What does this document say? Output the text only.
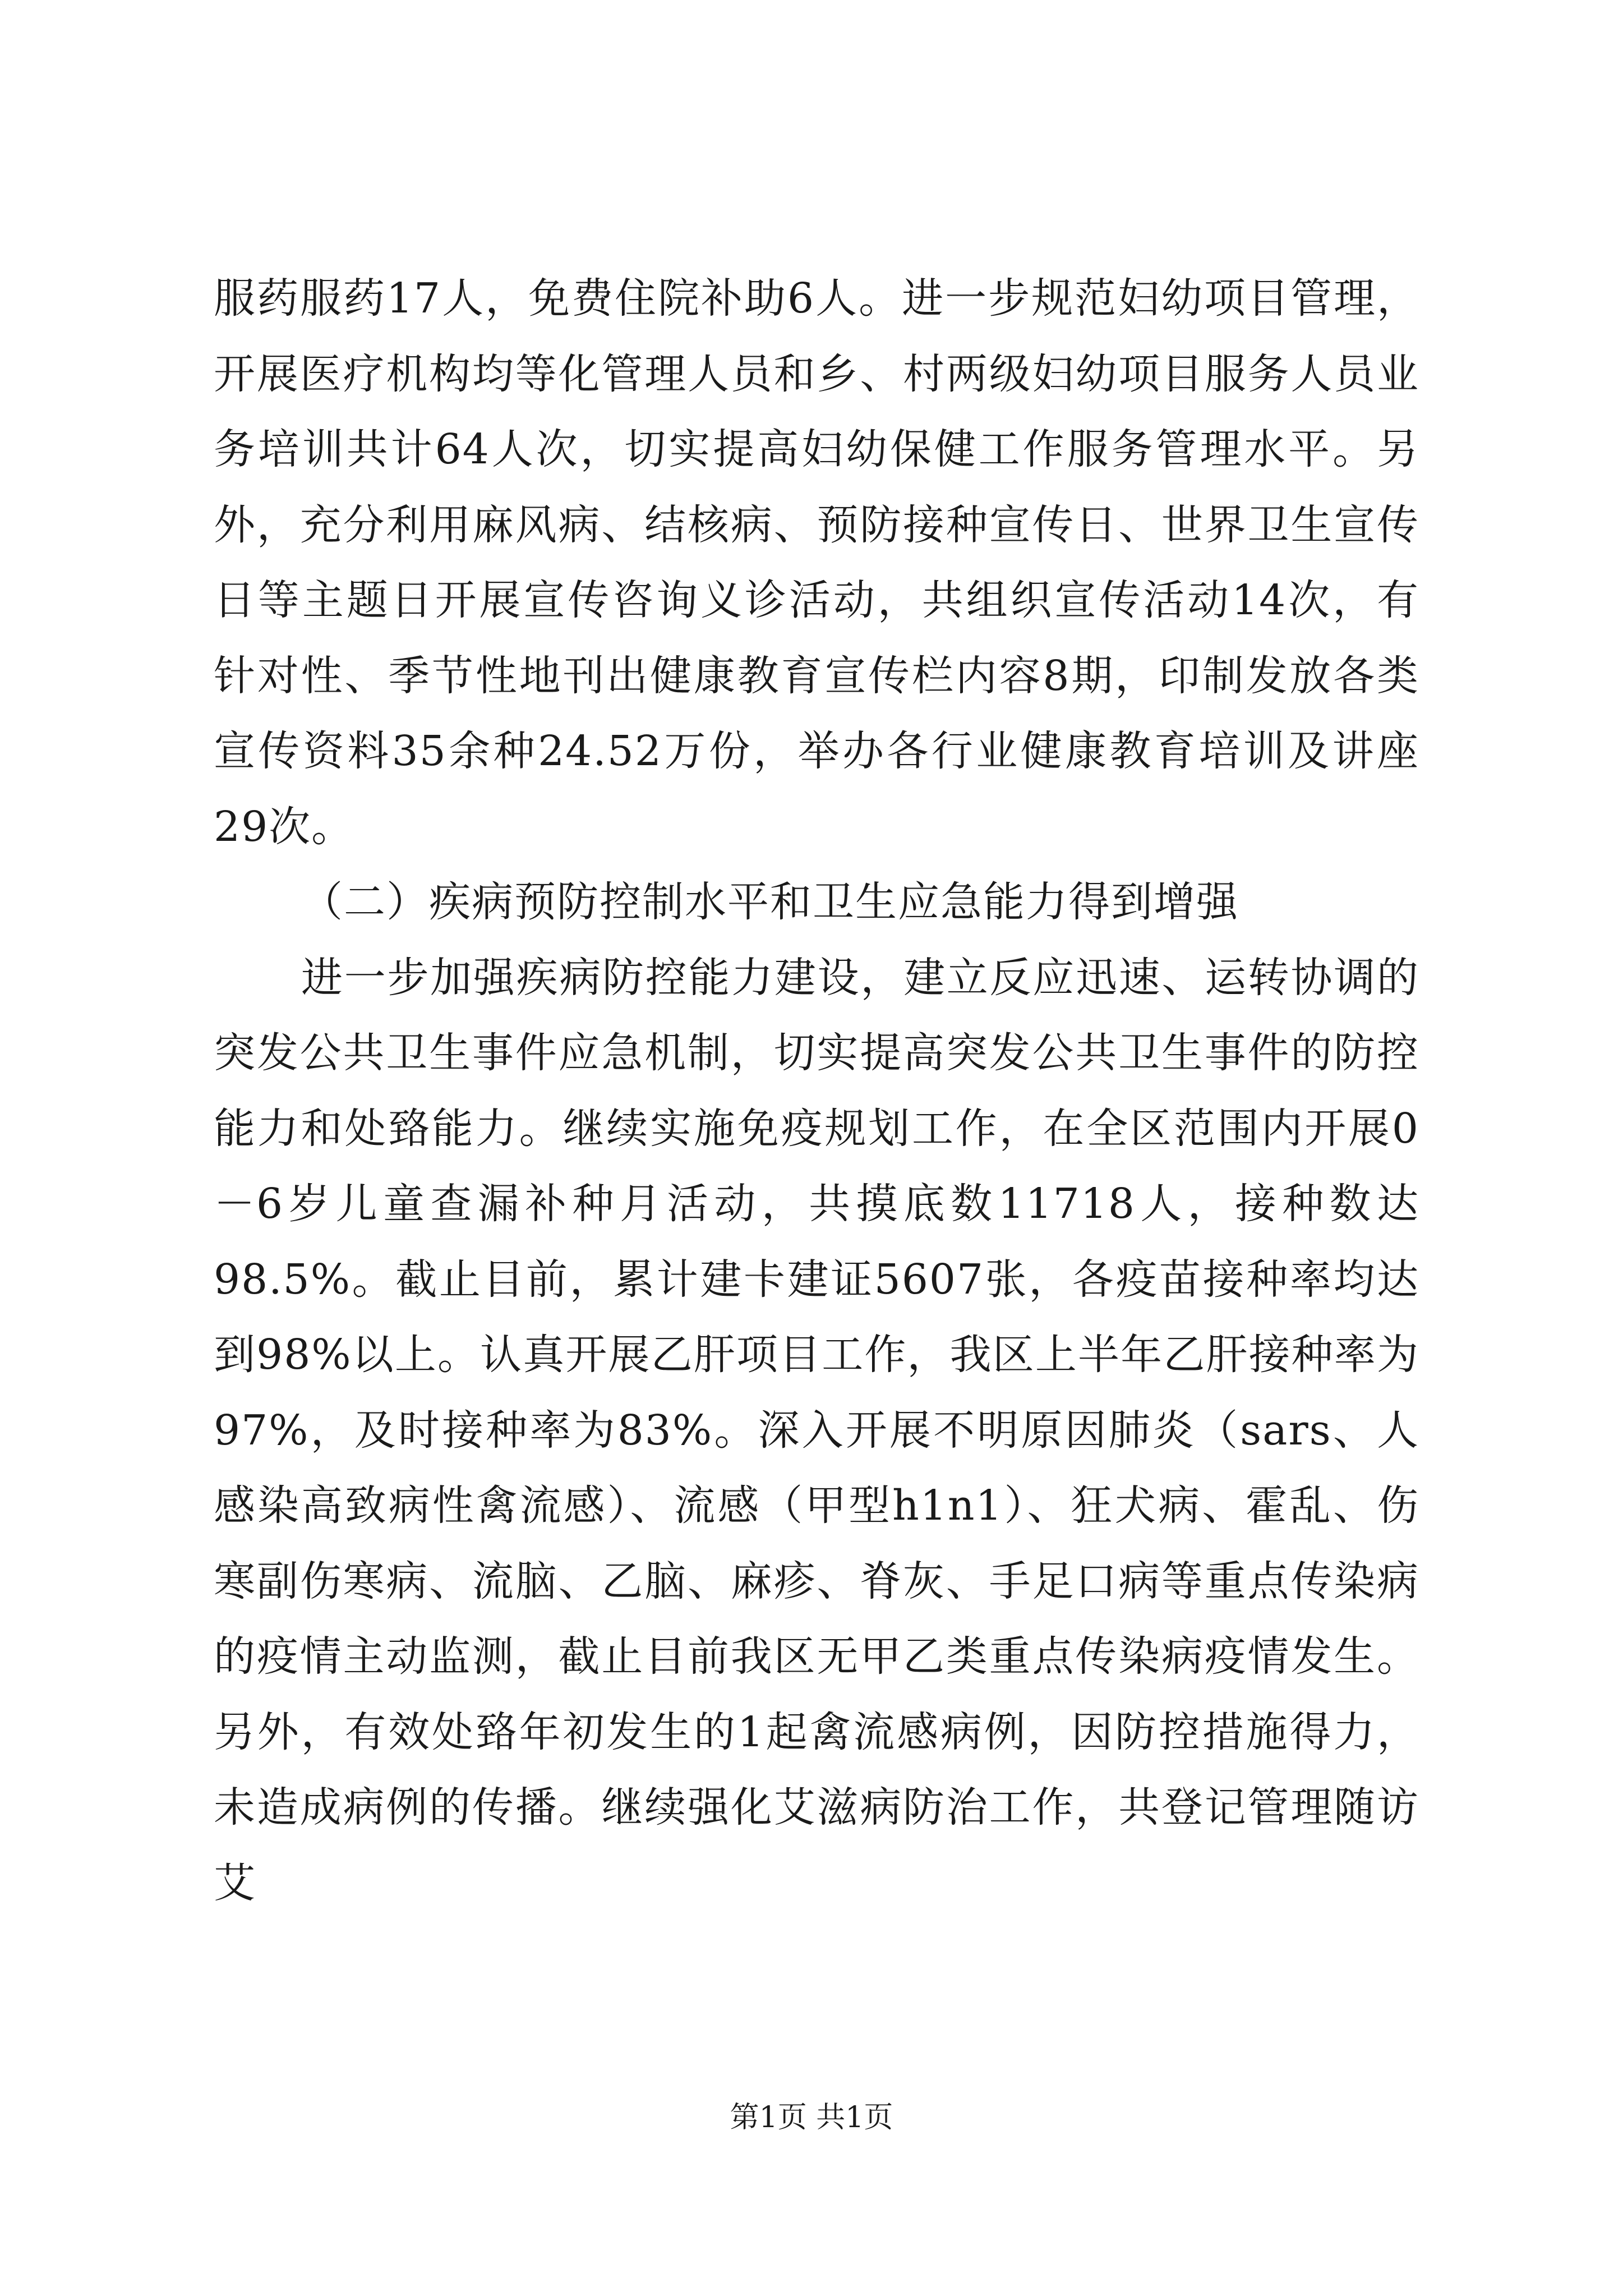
服药服药17人，免费住院补助6人。进一步规范妇幼项目管理，开展医疗机构均等化管理人员和乡、村两级妇幼项目服务人员业务培训共计64人次，切实提高妇幼保健工作服务管理水平。另外，充分利用麻风病、结核病、预防接种宣传日、世界卫生宣传日等主题日开展宣传咨询义诊活动，共组织宣传活动14次，有针对性、季节性地刊出健康教育宣传栏内容8期，印制发放各类宣传资料35余种24.52万份，举办各行业健康教育培训及讲座29次。

（二）疾病预防控制水平和卫生应急能力得到增强

进一步加强疾病防控能力建设，建立反应迅速、运转协调的突发公共卫生事件应急机制，切实提高突发公共卫生事件的防控能力和处臵能力。继续实施免疫规划工作，在全区范围内开展0－6岁儿童查漏补种月活动，共摸底数11718人，接种数达98.5%。截止目前，累计建卡建证5607张，各疫苗接种率均达到98%以上。认真开展乙肝项目工作，我区上半年乙肝接种率为97%，及时接种率为83%。深入开展不明原因肺炎（sars、人感染高致病性禽流感）、流感（甲型h1n1）、狂犬病、霍乱、伤寒副伤寒病、流脑、乙脑、麻疹、脊灰、手足口病等重点传染病的疫情主动监测，截止目前我区无甲乙类重点传染病疫情发生。另外，有效处臵年初发生的1起禽流感病例，因防控措施得力，未造成病例的传播。继续强化艾滋病防治工作，共登记管理随访艾

第1页 共1页
